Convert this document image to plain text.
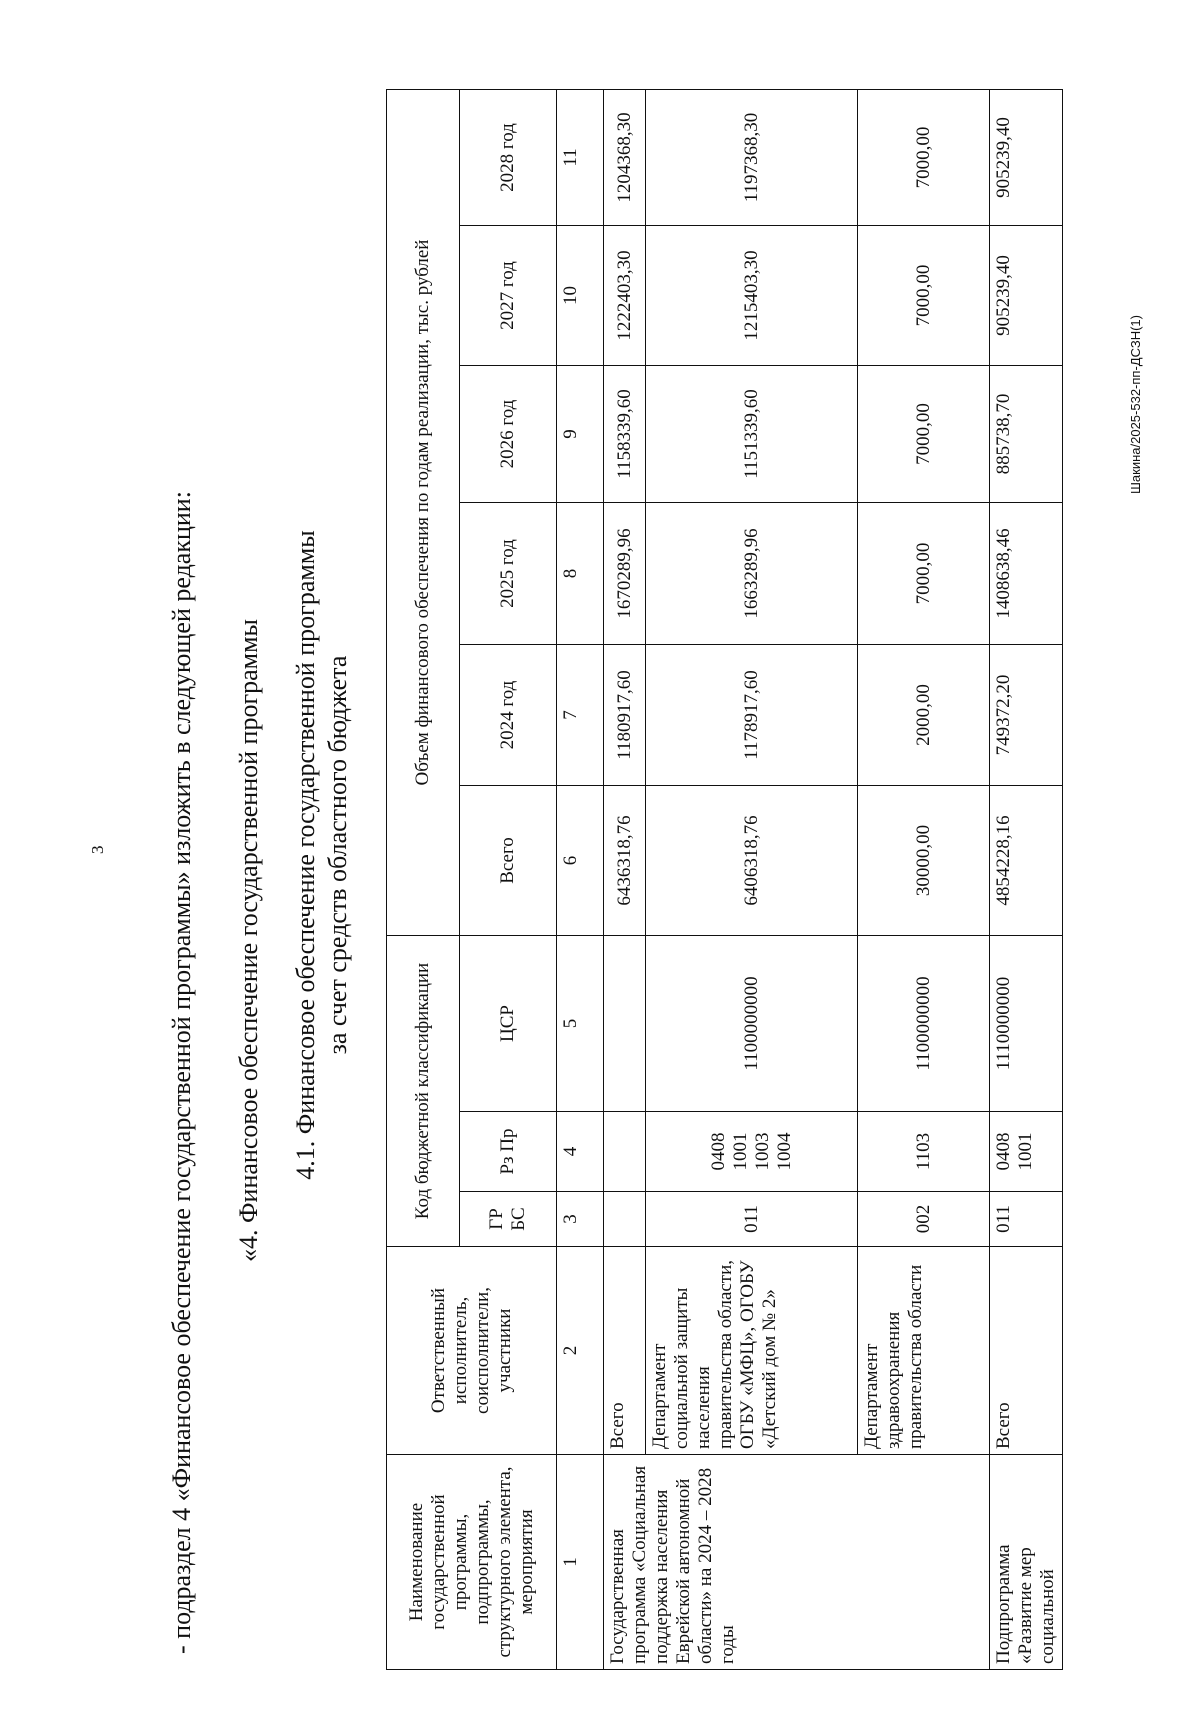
3 - подраздел 4 «Финансовое обеспечение государственной программы» изложить в следующей редакции: «4. Финансовое обеспечение государственной программы 4.1. Финансовое обеспечение государственной программы за счет средств областного бюджета
Наименование государственной программы, подпрограммы, структурного элемента, мероприятия	Ответственный исполнитель, соисполнители, участники	Код бюджетной классификации			Объем финансового обеспечения по годам реализации, тыс. рублей					
		ГР БС	Рз Пр	ЦСР	Всего	2024 год	2025 год	2026 год	2027 год	2028 год
1	2	3	4	5	6	7	8	9	10	11
Государственная программа «Социальная поддержка населения Еврейской автономной области» на 2024 – 2028 годы	Всего				6436318,76	1180917,60	1670289,96	1158339,60	1222403,30	1204368,30
	Департамент социальной защиты населения правительства области, ОГБУ «МФЦ», ОГОБУ «Детский дом № 2»	011	0408 1001 1003 1004	1100000000	6406318,76	1178917,60	1663289,96	1151339,60	1215403,30	1197368,30
	Департамент здравоохранения правительства области	002	1103	1100000000	30000,00	2000,00	7000,00	7000,00	7000,00	7000,00
Подпрограмма «Развитие мер социальной	Всего	011	0408 1001	1110000000	4854228,16	749372,20	1408638,46	885738,70	905239,40	905239,40
Шакина/2025-532-пп-ДСЗН(1)
